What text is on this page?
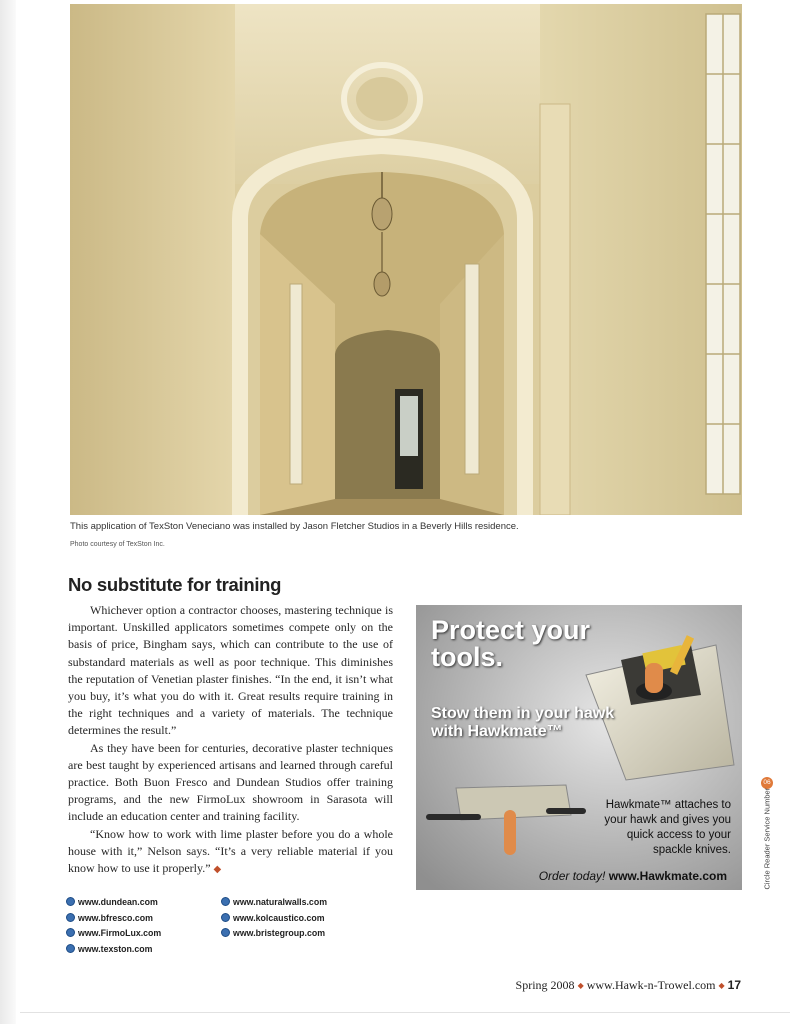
This application of TexSton Veneciano was installed by Jason Fletcher Studios in a Beverly Hills residence.
Photo courtesy of TexSton Inc.
No substitute for training

Whichever option a contractor chooses, mastering technique is important. Unskilled applicators sometimes compete only on the basis of price, Bingham says, which can contribute to the use of substandard materials as well as poor technique. This diminishes the reputation of Venetian plaster finishes. “In the end, it isn’t what you buy, it’s what you do with it. Great results require training in the right techniques and a variety of materials. The technique determines the result.”

As they have been for centuries, decorative plaster techniques are best taught by experienced artisans and learned through careful practice. Both Buon Fresco and Dundean Studios offer training programs, and the new FirmoLux showroom in Sarasota will include an education center and training facility.

“Know how to work with lime plaster before you do a whole house with it,” Nelson says. “It’s a very reliable material if you know how to use it properly.” ◆

www.dundean.com
www.bfresco.com
www.FirmoLux.com
www.texston.com
www.naturalwalls.com
www.kolcaustico.com
www.bristegroup.com
Protect your tools.
Stow them in your hawk with Hawkmate™
Hawkmate™ attaches to your hawk and gives you quick access to your spackle knives.
Order today! www.Hawkmate.com
06
Circle Reader Service Number
Spring 2008 ◆ www.Hawk-n-Trowel.com ◆ 17
